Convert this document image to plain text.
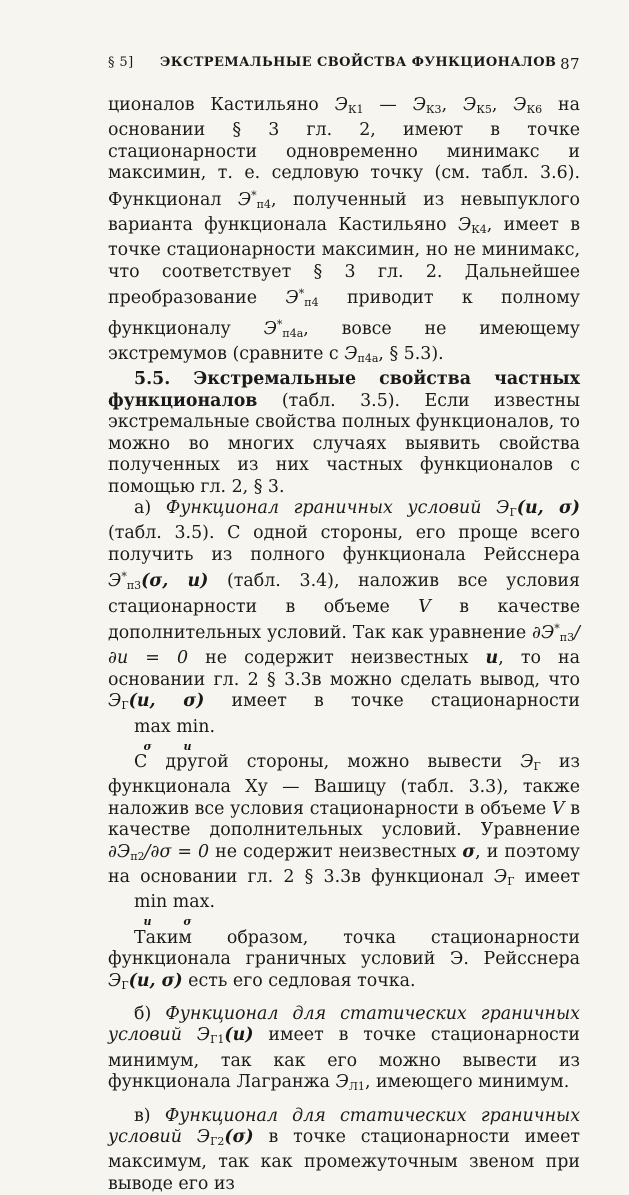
§ 5] ЭКСТРЕМАЛЬНЫЕ СВОЙСТВА ФУНКЦИОНАЛОВ 87

ционалов Кастильяно $Э_{К1}$ — $Э_{К3}$, $Э_{К5}$, $Э_{К6}$ на основании § 3 гл. 2, имеют в точке стационарности одновременно минимакс и максимин, т. е. седловую точку (см. табл. 3.6). Функционал $Э^*_{п4}$, полученный из невыпуклого варианта функционала Кастильяно $Э_{К4}$, имеет в точке стационарности максимин, но не минимакс, что соответствует § 3 гл. 2. Дальнейшее преобразование $Э^*_{п4}$ приводит к полному функционалу $Э^*_{п4а}$, вовсе не имеющему экстремумов (сравните с $Э_{п4а}$, § 5.3).

5.5. Экстремальные свойства частных функционалов (табл. 3.5). Если известны экстремальные свойства полных функционалов, то можно во многих случаях выявить свойства полученных из них частных функционалов с помощью гл. 2, § 3.

а) Функционал граничных условий $Э_Г(u$, σ) (табл. 3.5). С одной стороны, его проще всего получить из полного функционала Рейсснера $Э^*_{п3}(\sigma$, u) (табл. 3.4), наложив все условия стационарности в объеме V в качестве дополнительных условий. Так как уравнение $\partial Э^*_{п3}/\partial u = 0$ не содержит неизвестных u, то на основании гл. 2 § 3.3в можно сделать вывод, что $Э_Г(u$, σ) имеет в точке стационарности max min.
σ u

С другой стороны, можно вывести $Э_Г$ из функционала Ху — Вашицу (табл. 3.3), также наложив все условия стационарности в объеме V в качестве дополнительных условий. Уравнение $\partial Э_{п2}/\partial\sigma = 0$ не содержит неизвестных σ, и поэтому на основании гл. 2 § 3.3в функционал $Э_Г$ имеет min max.
u σ

Таким образом, точка стационарности функционала граничных условий Э. Рейсснера $Э_Г(u$, σ) есть его седловая точка.

б) Функционал для статических граничных условий $Э_{Г1}(u)$ имеет в точке стационарности минимум, так как его можно вывести из функционала Лагранжа $Э_{Л1}$, имеющего минимум.

в) Функционал для статических граничных условий $Э_{Г2}(\sigma)$ в точке стационарности имеет максимум, так как промежуточным звеном при выводе его из
